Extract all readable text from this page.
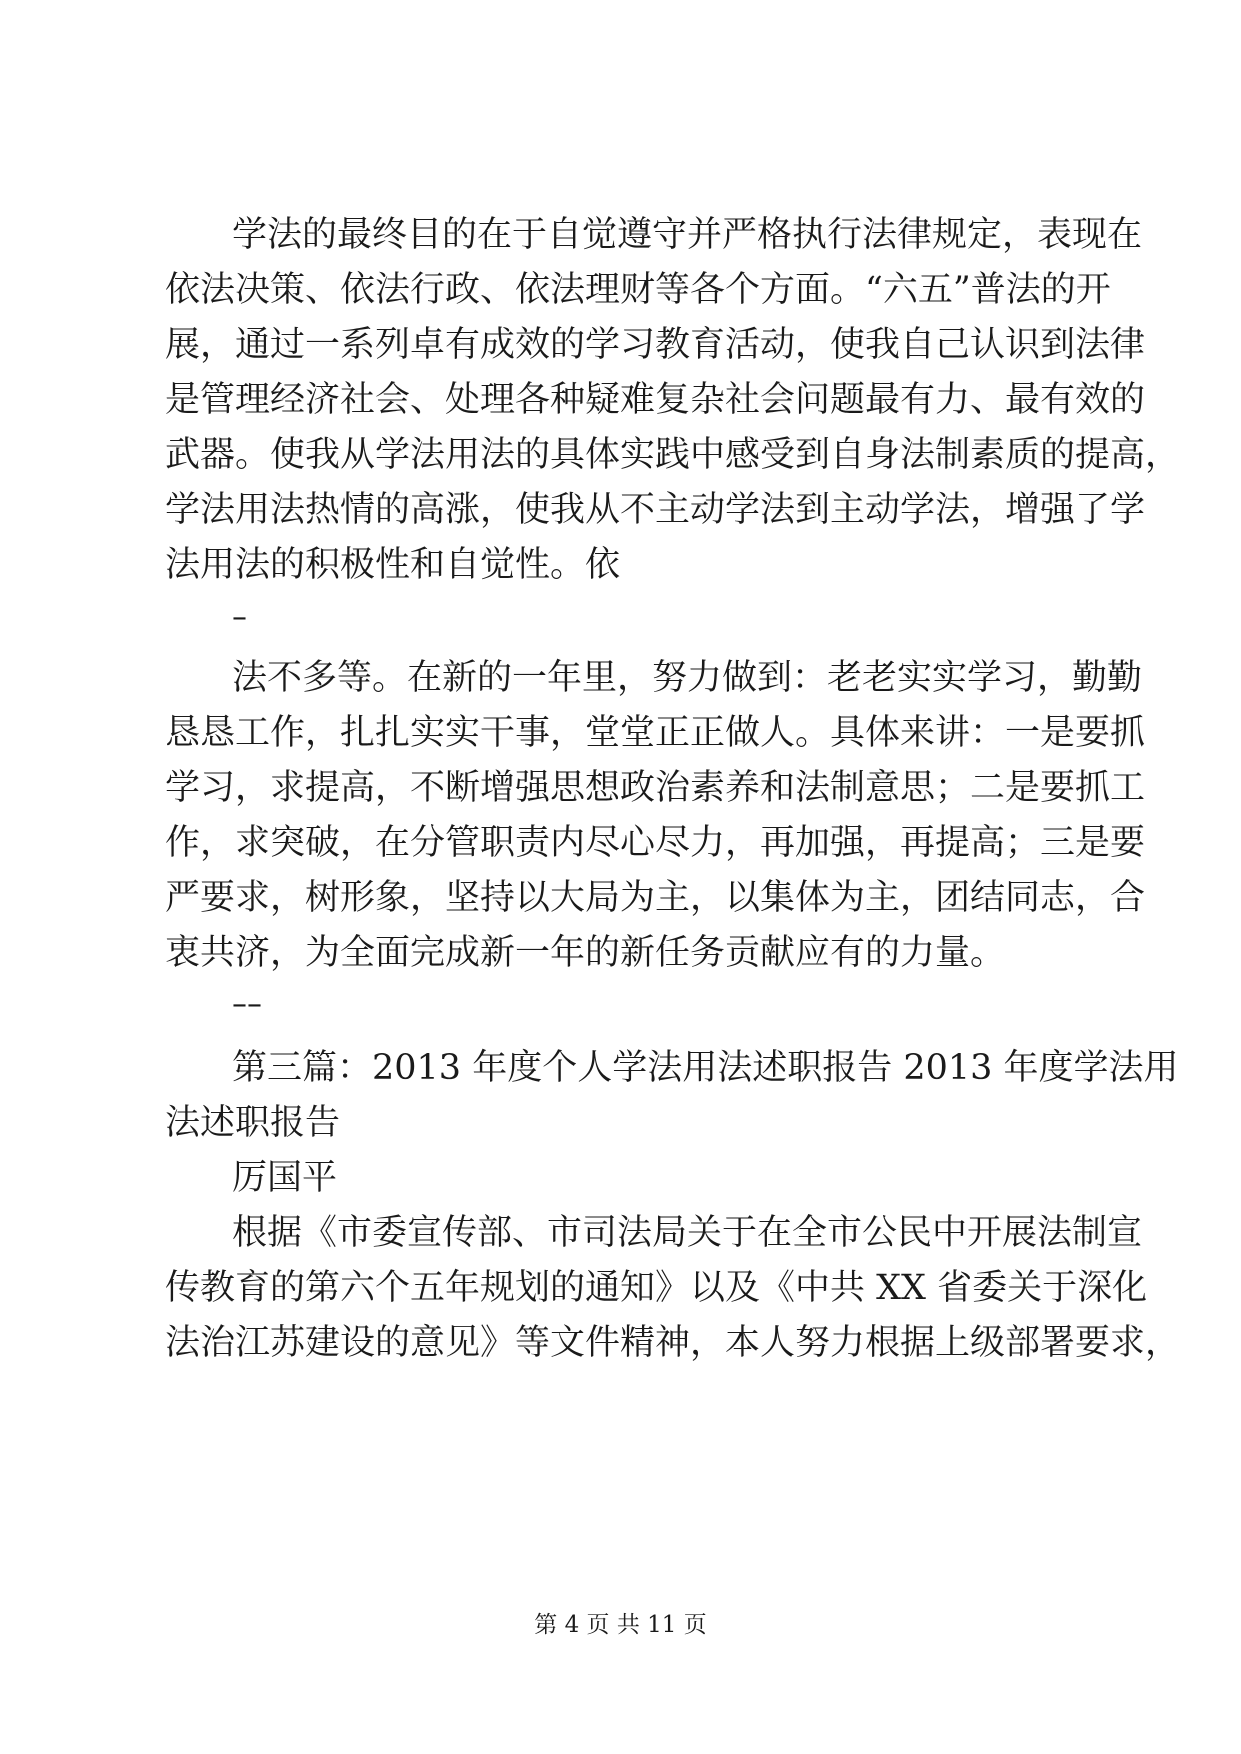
学法的最终目的在于自觉遵守并严格执行法律规定，表现在
依法决策、依法行政、依法理财等各个方面。“六五”普法的开
展，通过一系列卓有成效的学习教育活动，使我自己认识到法律
是管理经济社会、处理各种疑难复杂社会问题最有力、最有效的
武器。使我从学法用法的具体实践中感受到自身法制素质的提高，
学法用法热情的高涨，使我从不主动学法到主动学法，增强了学
法用法的积极性和自觉性。依
–
法不多等。在新的一年里，努力做到：老老实实学习，勤勤
恳恳工作，扎扎实实干事，堂堂正正做人。具体来讲：一是要抓
学习，求提高，不断增强思想政治素养和法制意思；二是要抓工
作，求突破，在分管职责内尽心尽力，再加强，再提高；三是要
严要求，树形象，坚持以大局为主，以集体为主，团结同志，合
衷共济，为全面完成新一年的新任务贡献应有的力量。
––
第三篇：2013 年度个人学法用法述职报告 2013 年度学法用
法述职报告
厉国平
根据《市委宣传部、市司法局关于在全市公民中开展法制宣
传教育的第六个五年规划的通知》以及《中共 XX 省委关于深化
法治江苏建设的意见》等文件精神，本人努力根据上级部署要求，
第 4 页 共 11 页
